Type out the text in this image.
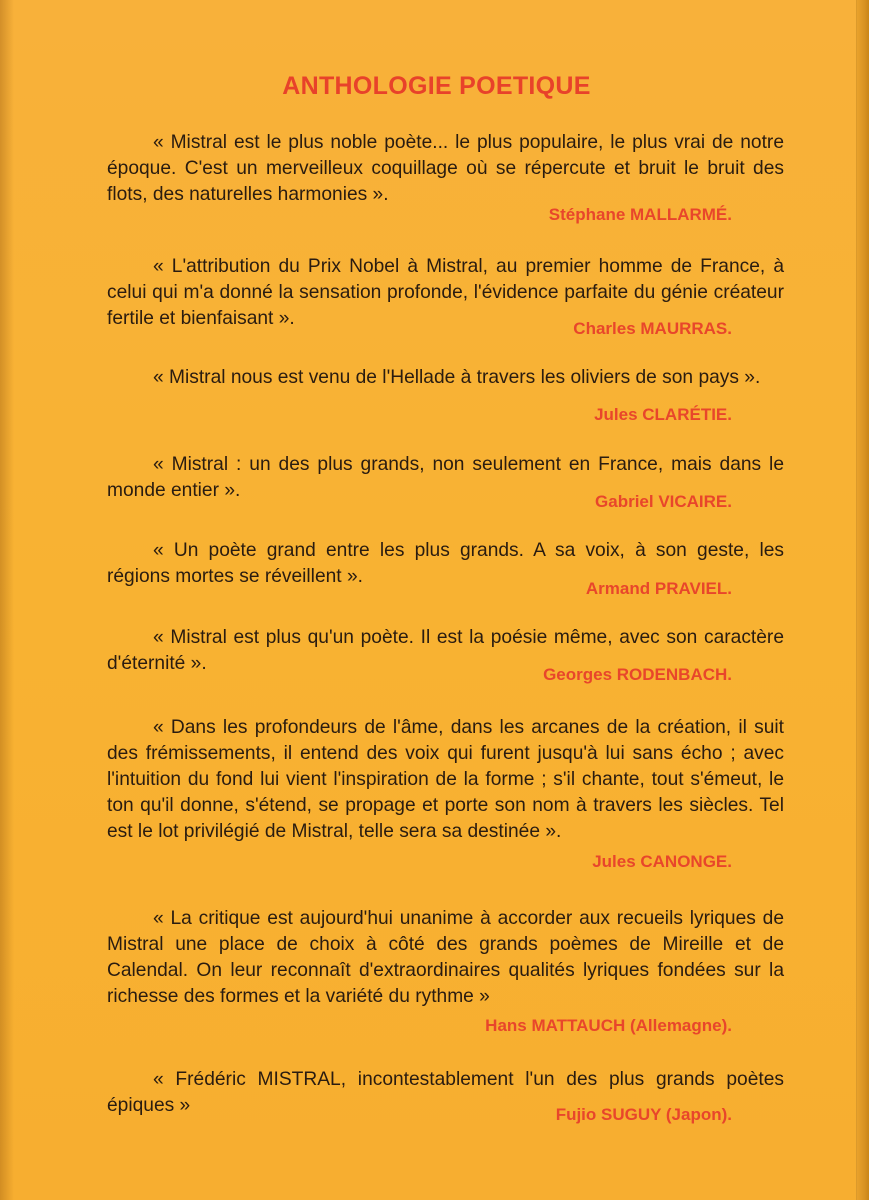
ANTHOLOGIE POETIQUE

« Mistral est le plus noble poète... le plus populaire, le plus vrai de notre époque. C'est un merveilleux coquillage où se répercute et bruit le bruit des flots, des naturelles harmonies ».

Stéphane MALLARMÉ.

« L'attribution du Prix Nobel à Mistral, au premier homme de France, à celui qui m'a donné la sensation profonde, l'évidence parfaite du génie créateur fertile et bienfaisant ».	Charles MAURRAS.

« Mistral nous est venu de l'Hellade à travers les oliviers de son pays ».

Jules CLARÉTIE.

« Mistral : un des plus grands, non seulement en France, mais dans le monde entier ».

Gabriel VICAIRE.

« Un poète grand entre les plus grands. A sa voix, à son geste, les régions mortes se réveillent ».

Armand PRAVIEL.

« Mistral est plus qu'un poète. Il est la poésie même, avec son caractère d'éternité ».

Georges RODENBACH.

« Dans les profondeurs de l'âme, dans les arcanes de la création, il suit des frémissements, il entend des voix qui furent jusqu'à lui sans écho ; avec l'intuition du fond lui vient l'inspiration de la forme ; s'il chante, tout s'émeut, le ton qu'il donne, s'étend, se propage et porte son nom à travers les siècles. Tel est le lot privilégié de Mistral, telle sera sa destinée ».

Jules CANONGE.

« La critique est aujourd'hui unanime à accorder aux recueils lyriques de Mistral une place de choix à côté des grands poèmes de Mireille et de Calendal. On leur reconnaît d'extraordinaires qualités lyriques fondées sur la richesse des formes et la variété du rythme »

Hans MATTAUCH (Allemagne).

« Frédéric MISTRAL, incontestablement l'un des plus grands poètes épiques »	Fujio SUGUY (Japon).
